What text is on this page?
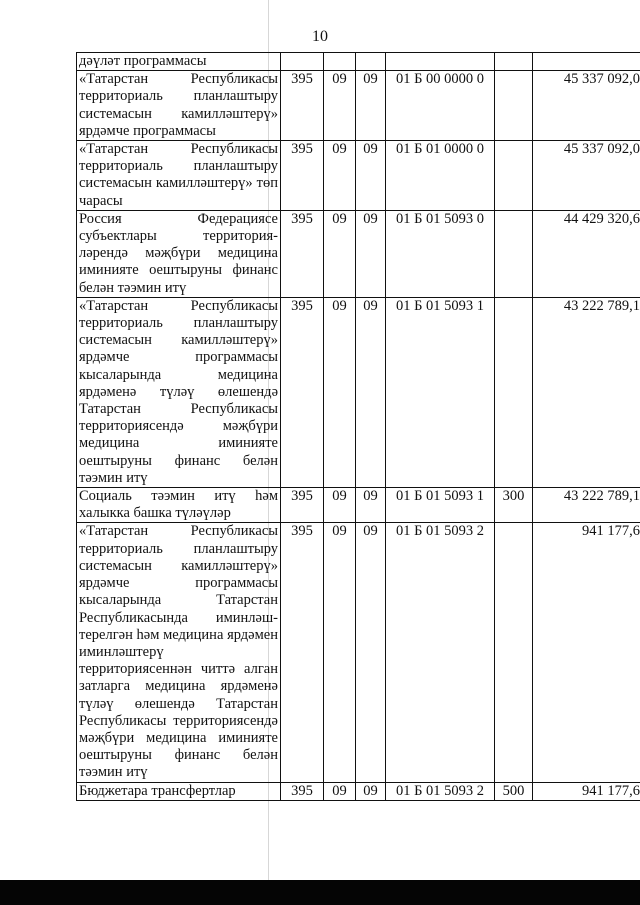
10
дәүләт программасы						
«Татарстан Республикасы территориаль планлаштыру системасын камиллəштерү» ярдәмче программасы	395	09	09	01 Б 00 0000 0		45 337 092,0
«Татарстан Республикасы территориаль планлаштыру системасын камиллəштерү» төп чарасы	395	09	09	01 Б 01 0000 0		45 337 092,0
Россия Федерациясе субъектлары территорияләрендә мәҗбүри медицина иминияте оештыруны финанс белән тәэмин итү	395	09	09	01 Б 01 5093 0		44 429 320,6
«Татарстан Республикасы территориаль планлаштыру системасын камиллəштерү» ярдәмче программасы кысаларында медицина ярдәменә түләү өлешендә Татарстан Республикасы территориясендә мәҗбүри медицина иминияте оештыруны финанс белән тәэмин итү	395	09	09	01 Б 01 5093 1		43 222 789,1
Социаль тәэмин итү һәм халыкка башка түләүләр	395	09	09	01 Б 01 5093 1	300	43 222 789,1
«Татарстан Республикасы территориаль планлаштыру системасын камиллəштерү» ярдәмче программасы кысаларында Татарстан Республикасында иминләштерелгән һәм медицина ярдәмен иминләштерү территориясеннән читтә алган затларга медицина ярдәменә түләү өлешендә Татарстан Республикасы территориясендә мәҗбүри медицина иминияте оештыруны финанс белән тәэмин итү	395	09	09	01 Б 01 5093 2		941 177,6
Бюджетара трансфертлар	395	09	09	01 Б 01 5093 2	500	941 177,6
